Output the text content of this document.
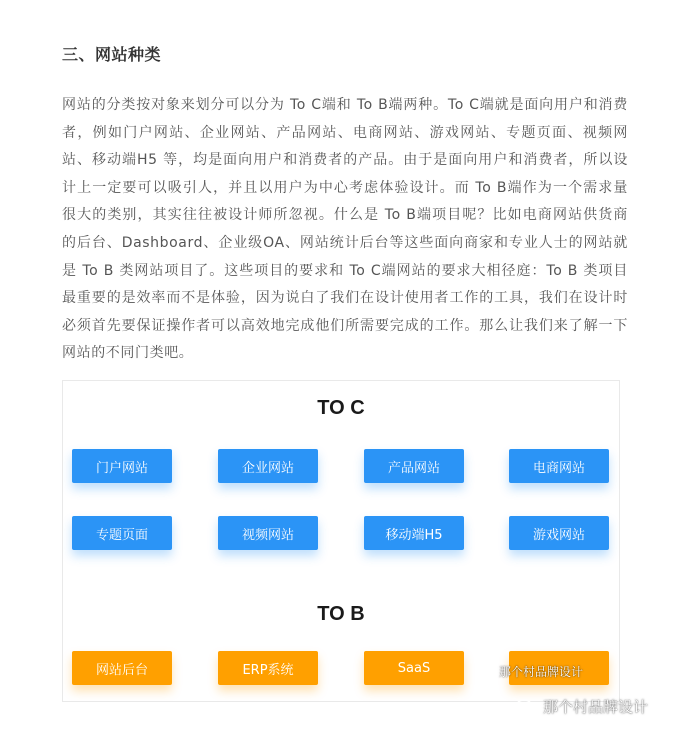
三、网站种类

网站的分类按对象来划分可以分为 To C端和 To B端两种。To C端就是面向用户和消费 者，例如门户网站、企业网站、产品网站、电商网站、游戏网站、专题页面、视频网 站、移动端H5 等，均是面向用户和消费者的产品。由于是面向用户和消费者，所以设 计上一定要可以吸引人，并且以用户为中心考虑体验设计。而 To B端作为一个需求量 很大的类别，其实往往被设计师所忽视。什么是 To B端项目呢？比如电商网站供货商 的后台、Dashboard、企业级OA、网站统计后台等这些面向商家和专业人士的网站就 是 To B 类网站项目了。这些项目的要求和 To C端网站的要求大相径庭：To B 类项目 最重要的是效率而不是体验，因为说白了我们在设计使用者工作的工具，我们在设计时 必须首先要保证操作者可以高效地完成他们所需要完成的工作。那么让我们来了解一下 网站的不同门类吧。

TO C
门户网站	企业网站	产品网站	电商网站
专题页面	视频网站	移动端H5	游戏网站
TO B
网站后台	ERP系统	SaaS	那个村品牌设计
那个村品牌设计
